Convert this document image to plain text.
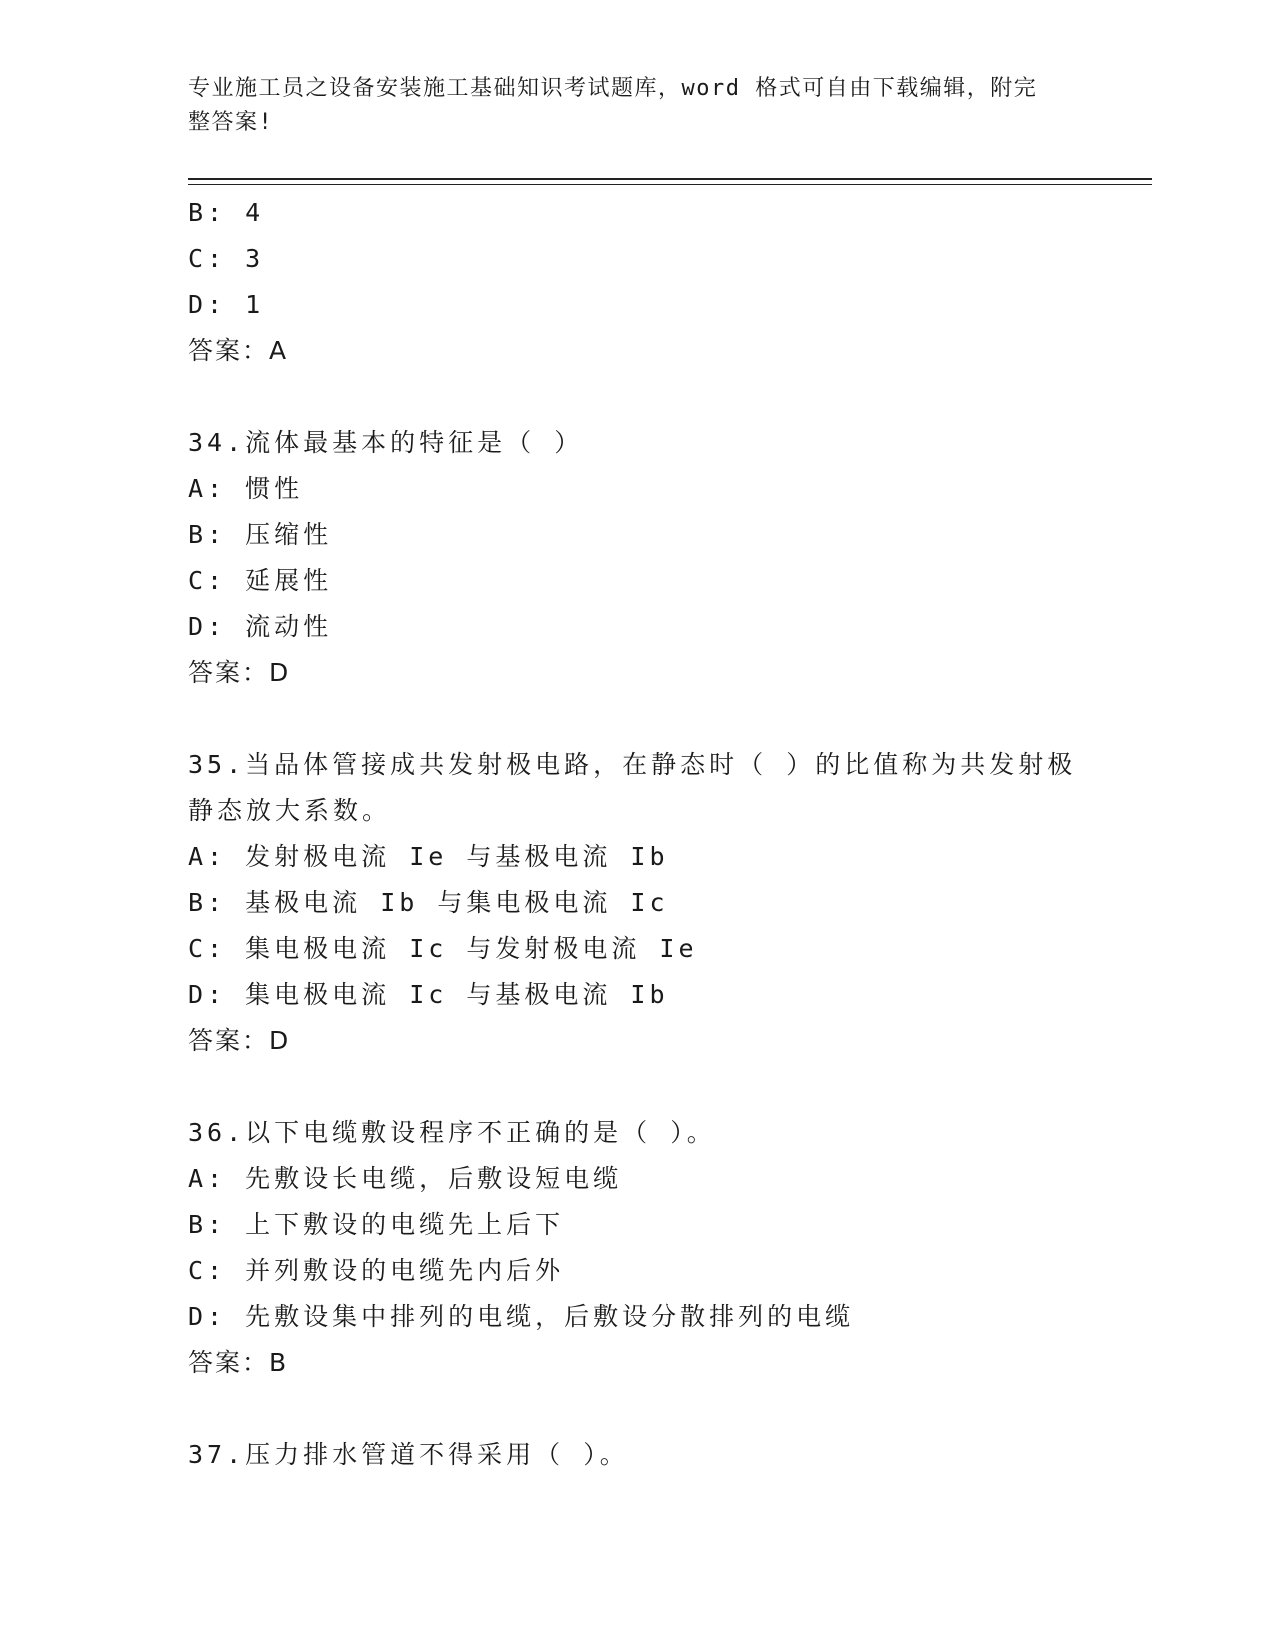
专业施工员之设备安装施工基础知识考试题库，word 格式可自由下载编辑，附完
整答案!
B: 4
C: 3
D: 1
答案：A
34.流体最基本的特征是（ ）
A: 惯性
B: 压缩性
C: 延展性
D: 流动性
答案：D
35.当品体管接成共发射极电路，在静态时（ ）的比值称为共发射极
静态放大系数。
A: 发射极电流 Ie 与基极电流 Ib
B: 基极电流 Ib 与集电极电流 Ic
C: 集电极电流 Ic 与发射极电流 Ie
D: 集电极电流 Ic 与基极电流 Ib
答案：D
36.以下电缆敷设程序不正确的是（ ）。
A: 先敷设长电缆，后敷设短电缆
B: 上下敷设的电缆先上后下
C: 并列敷设的电缆先内后外
D: 先敷设集中排列的电缆，后敷设分散排列的电缆
答案：B
37.压力排水管道不得采用（ ）。
